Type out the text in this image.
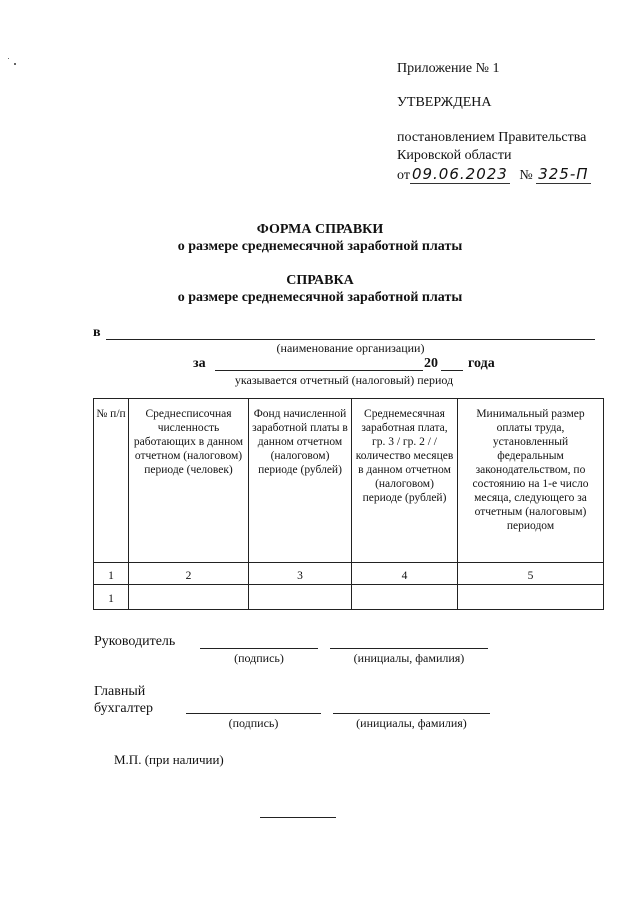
Приложение № 1
УТВЕРЖДЕНА
постановлением Правительства
Кировской области
от 09.06.2023 № 325-П
ФОРМА СПРАВКИ
о размере среднемесячной заработной платы
СПРАВКА
о размере среднемесячной заработной платы
в
(наименование организации)
за	20 года
указывается отчетный (налоговый) период
№ п/п	Среднесписочная численность работающих в данном отчетном (налоговом) периоде (человек)	Фонд начисленной заработной платы в данном отчетном (налоговом) периоде (рублей)	Среднемесячная заработная плата, гр. 3 / гр. 2 / / количество месяцев в данном отчетном (налоговом) периоде (рублей)	Минимальный размер оплаты труда, установленный федеральным законодательством, по состоянию на 1-е число месяца, следующего за отчетным (налоговым) периодом
1	2	3	4	5
1				
Руководитель
(подпись)	(инициалы, фамилия)
Главный
бухгалтер
(подпись)	(инициалы, фамилия)
М.П. (при наличии)
